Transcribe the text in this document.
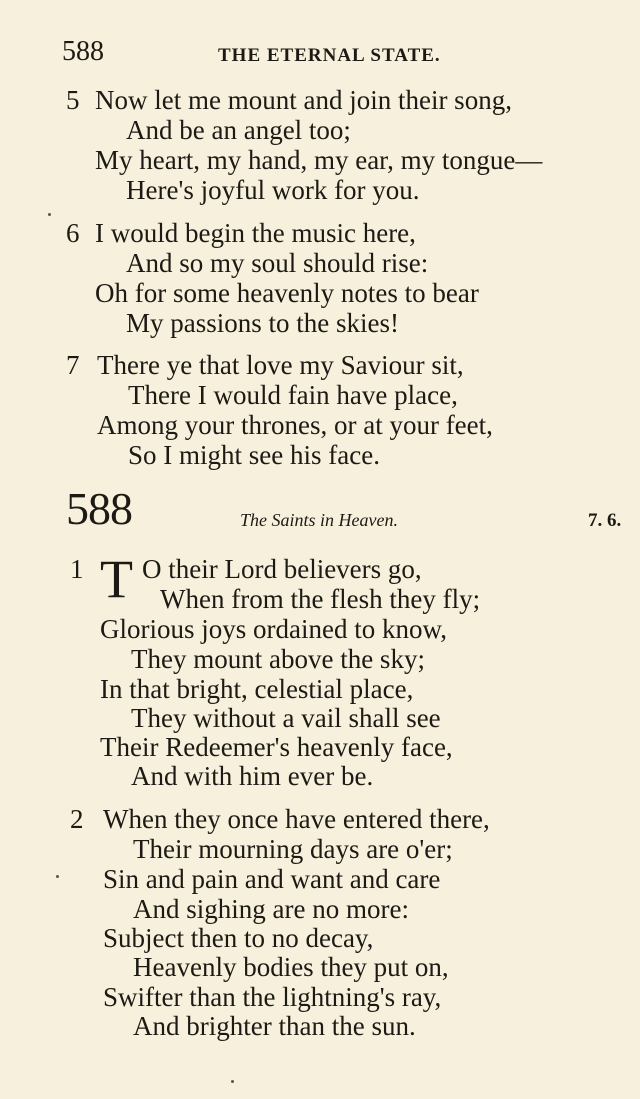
588	THE ETERNAL STATE.
5 Now let me mount and join their song,
And be an angel too;
My heart, my hand, my ear, my tongue—
Here's joyful work for you.
6 I would begin the music here,
And so my soul should rise:
Oh for some heavenly notes to bear
My passions to the skies!
7 There ye that love my Saviour sit,
There I would fain have place,
Among your thrones, or at your feet,
So I might see his face.
588	The Saints in Heaven.	7. 6.
1 T O their Lord believers go,
When from the flesh they fly;
Glorious joys ordained to know,
They mount above the sky;
In that bright, celestial place,
They without a vail shall see
Their Redeemer's heavenly face,
And with him ever be.
2 When they once have entered there,
Their mourning days are o'er;
Sin and pain and want and care
And sighing are no more:
Subject then to no decay,
Heavenly bodies they put on,
Swifter than the lightning's ray,
And brighter than the sun.
